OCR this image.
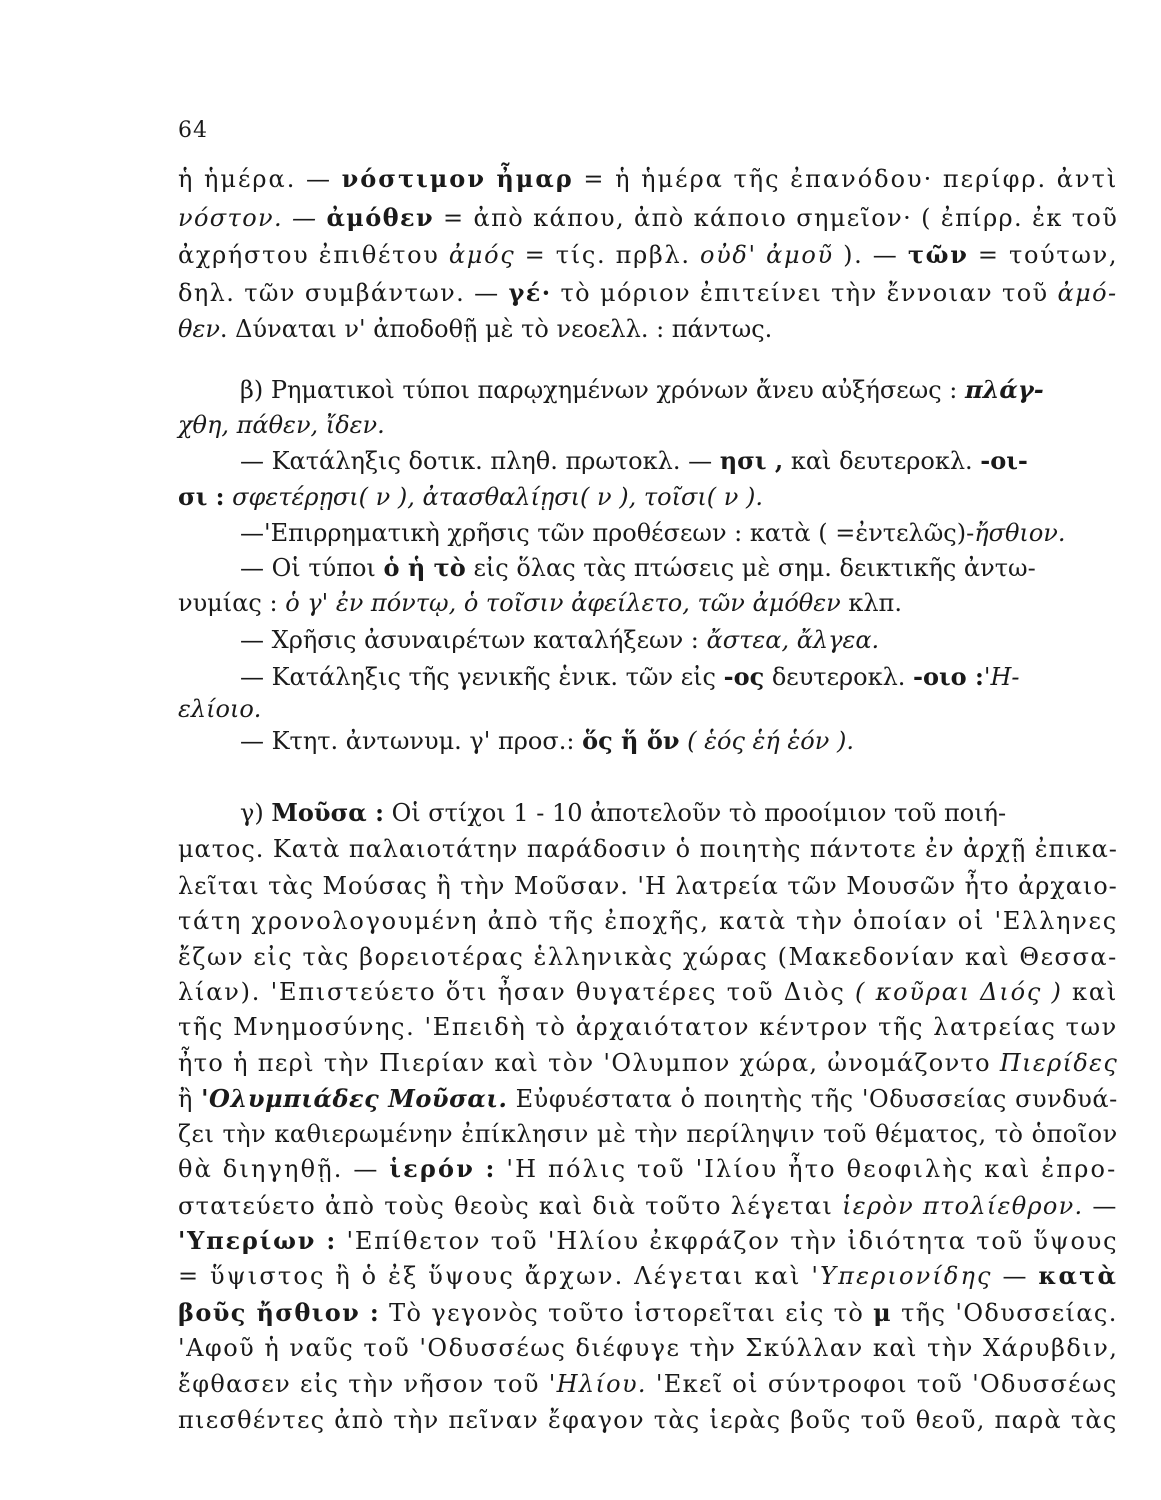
64
ἡ ἡμέρα. — νόστιμον ἦμαρ = ἡ ἡμέρα τῆς ἐπανόδου· περίφρ. ἀντὶ
νόστον. — ἀμόθεν = ἀπὸ κάπου, ἀπὸ κάποιο σημεῖον· ( ἐπίρρ. ἐκ τοῦ
ἀχρήστου ἐπιθέτου ἀμός = τίς. πρβλ. οὐδ' ἀμοῦ ). — τῶν = τούτων,
δηλ. τῶν συμβάντων. — γέ· τὸ μόριον ἐπιτείνει τὴν ἔννοιαν τοῦ ἀμό-
θεν. Δύναται ν' ἀποδοθῇ μὲ τὸ νεοελλ. : πάντως.
β) Ρηματικοὶ τύποι παρῳχημένων χρόνων ἄνευ αὐξήσεως : πλάγ-
χθη, πάθεν, ἴδεν.
— Κατάληξις δοτικ. πληθ. πρωτοκλ. — ησι , καὶ δευτεροκλ. -οι-
σι : σφετέρῃσι( ν ), ἀτασθαλίῃσι( ν ), τοῖσι( ν ).
—'Επιρρηματικὴ χρῆσις τῶν προθέσεων : κατὰ ( =ἐντελῶς)-ἤσθιον.
— Οἱ τύποι ὁ ἡ τὸ εἰς ὅλας τὰς πτώσεις μὲ σημ. δεικτικῆς ἀντω-
νυμίας : ὁ γ' ἐν πόντῳ, ὁ τοῖσιν ἀφείλετο, τῶν ἀμόθεν κλπ.
— Χρῆσις ἀσυναιρέτων καταλήξεων : ἄστεα, ἄλγεα.
— Κατάληξις τῆς γενικῆς ἑνικ. τῶν εἰς -ος δευτεροκλ. -οιο :'Η-
ελίοιο.
— Κτητ. ἀντωνυμ. γ' προσ.: ὅς ἥ ὅν ( ἑός ἑή ἑόν ).
γ) Μοῦσα : Οἱ στίχοι 1 - 10 ἀποτελοῦν τὸ προοίμιον τοῦ ποιή-
ματος. Κατὰ παλαιοτάτην παράδοσιν ὁ ποιητὴς πάντοτε ἐν ἀρχῇ ἐπικα-
λεῖται τὰς Μούσας ἢ τὴν Μοῦσαν. 'Η λατρεία τῶν Μουσῶν ἦτο ἀρχαιο-
τάτη χρονολογουμένη ἀπὸ τῆς ἐποχῆς, κατὰ τὴν ὁποίαν οἱ 'Ελληνες
ἔζων εἰς τὰς βορειοτέρας ἑλληνικὰς χώρας (Μακεδονίαν καὶ Θεσσα-
λίαν). 'Επιστεύετο ὅτι ἦσαν θυγατέρες τοῦ Διὸς ( κοῦραι Διός ) καὶ
τῆς Μνημοσύνης. 'Επειδὴ τὸ ἀρχαιότατον κέντρον τῆς λατρείας των
ἦτο ἡ περὶ τὴν Πιερίαν καὶ τὸν 'Ολυμπον χώρα, ὠνομάζοντο Πιερίδες
ἢ 'Ολυμπιάδες Μοῦσαι. Εὐφυέστατα ὁ ποιητὴς τῆς 'Οδυσσείας συνδυά-
ζει τὴν καθιερωμένην ἐπίκλησιν μὲ τὴν περίληψιν τοῦ θέματος, τὸ ὁποῖον
θὰ διηγηθῇ. — ἱερόν : 'Η πόλις τοῦ 'Ιλίου ἦτο θεοφιλὴς καὶ ἐπρο-
στατεύετο ἀπὸ τοὺς θεοὺς καὶ διὰ τοῦτο λέγεται ἱερὸν πτολίεθρον. —
'Υπερίων : 'Επίθετον τοῦ 'Ηλίου ἐκφράζον τὴν ἰδιότητα τοῦ ὕψους
= ὕψιστος ἢ ὁ ἐξ ὕψους ἄρχων. Λέγεται καὶ 'Υπεριονίδης — κατὰ
βοῦς ἤσθιον : Τὸ γεγονὸς τοῦτο ἱστορεῖται εἰς τὸ μ τῆς 'Οδυσσείας.
'Αφοῦ ἡ ναῦς τοῦ 'Οδυσσέως διέφυγε τὴν Σκύλλαν καὶ τὴν Χάρυβδιν,
ἔφθασεν εἰς τὴν νῆσον τοῦ 'Ηλίου. 'Εκεῖ οἱ σύντροφοι τοῦ 'Οδυσσέως
πιεσθέντες ἀπὸ τὴν πεῖναν ἔφαγον τὰς ἱερὰς βοῦς τοῦ θεοῦ, παρὰ τὰς
